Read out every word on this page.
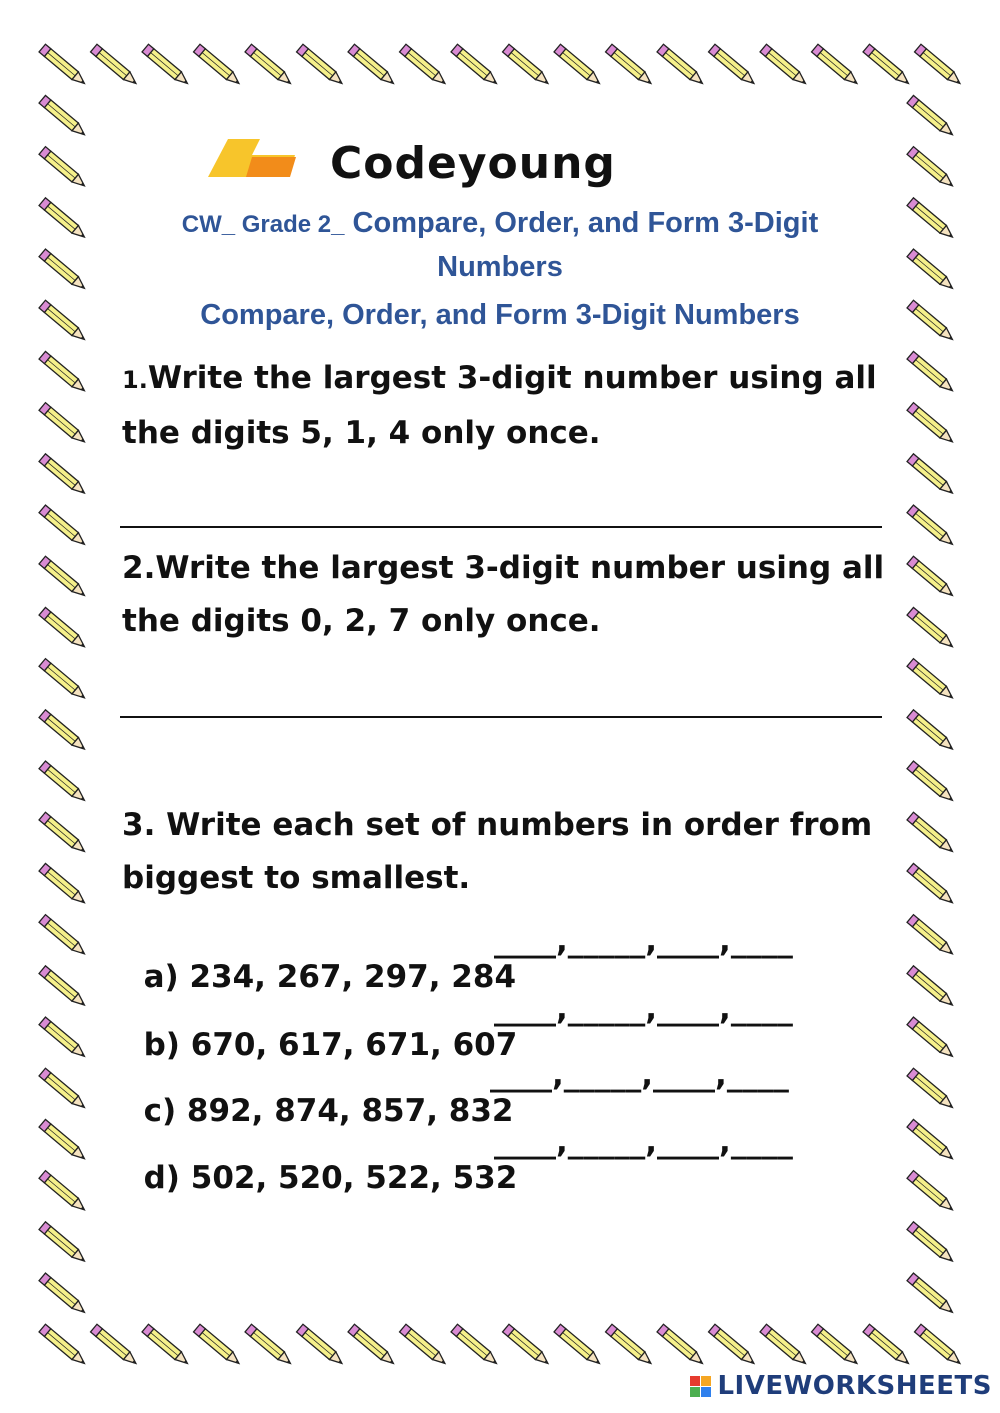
Codeyoung
CW_ Grade 2_ Compare, Order, and Form 3-Digit Numbers
Compare, Order, and Form 3-Digit Numbers
1.Write the largest 3-digit number using all
the digits 5, 1, 4 only once.
2.Write the largest 3-digit number using all
the digits 0, 2, 7 only once.
3. Write each set of numbers in order from
biggest to smallest.

a) 234, 267, 297, 284

____,_____,____,____

b) 670, 617, 671, 607

____,_____,____,____

c) 892, 874, 857, 832

____,_____,____,____

d) 502, 520, 522, 532

____,_____,____,____

LIVEWORKSHEETS
